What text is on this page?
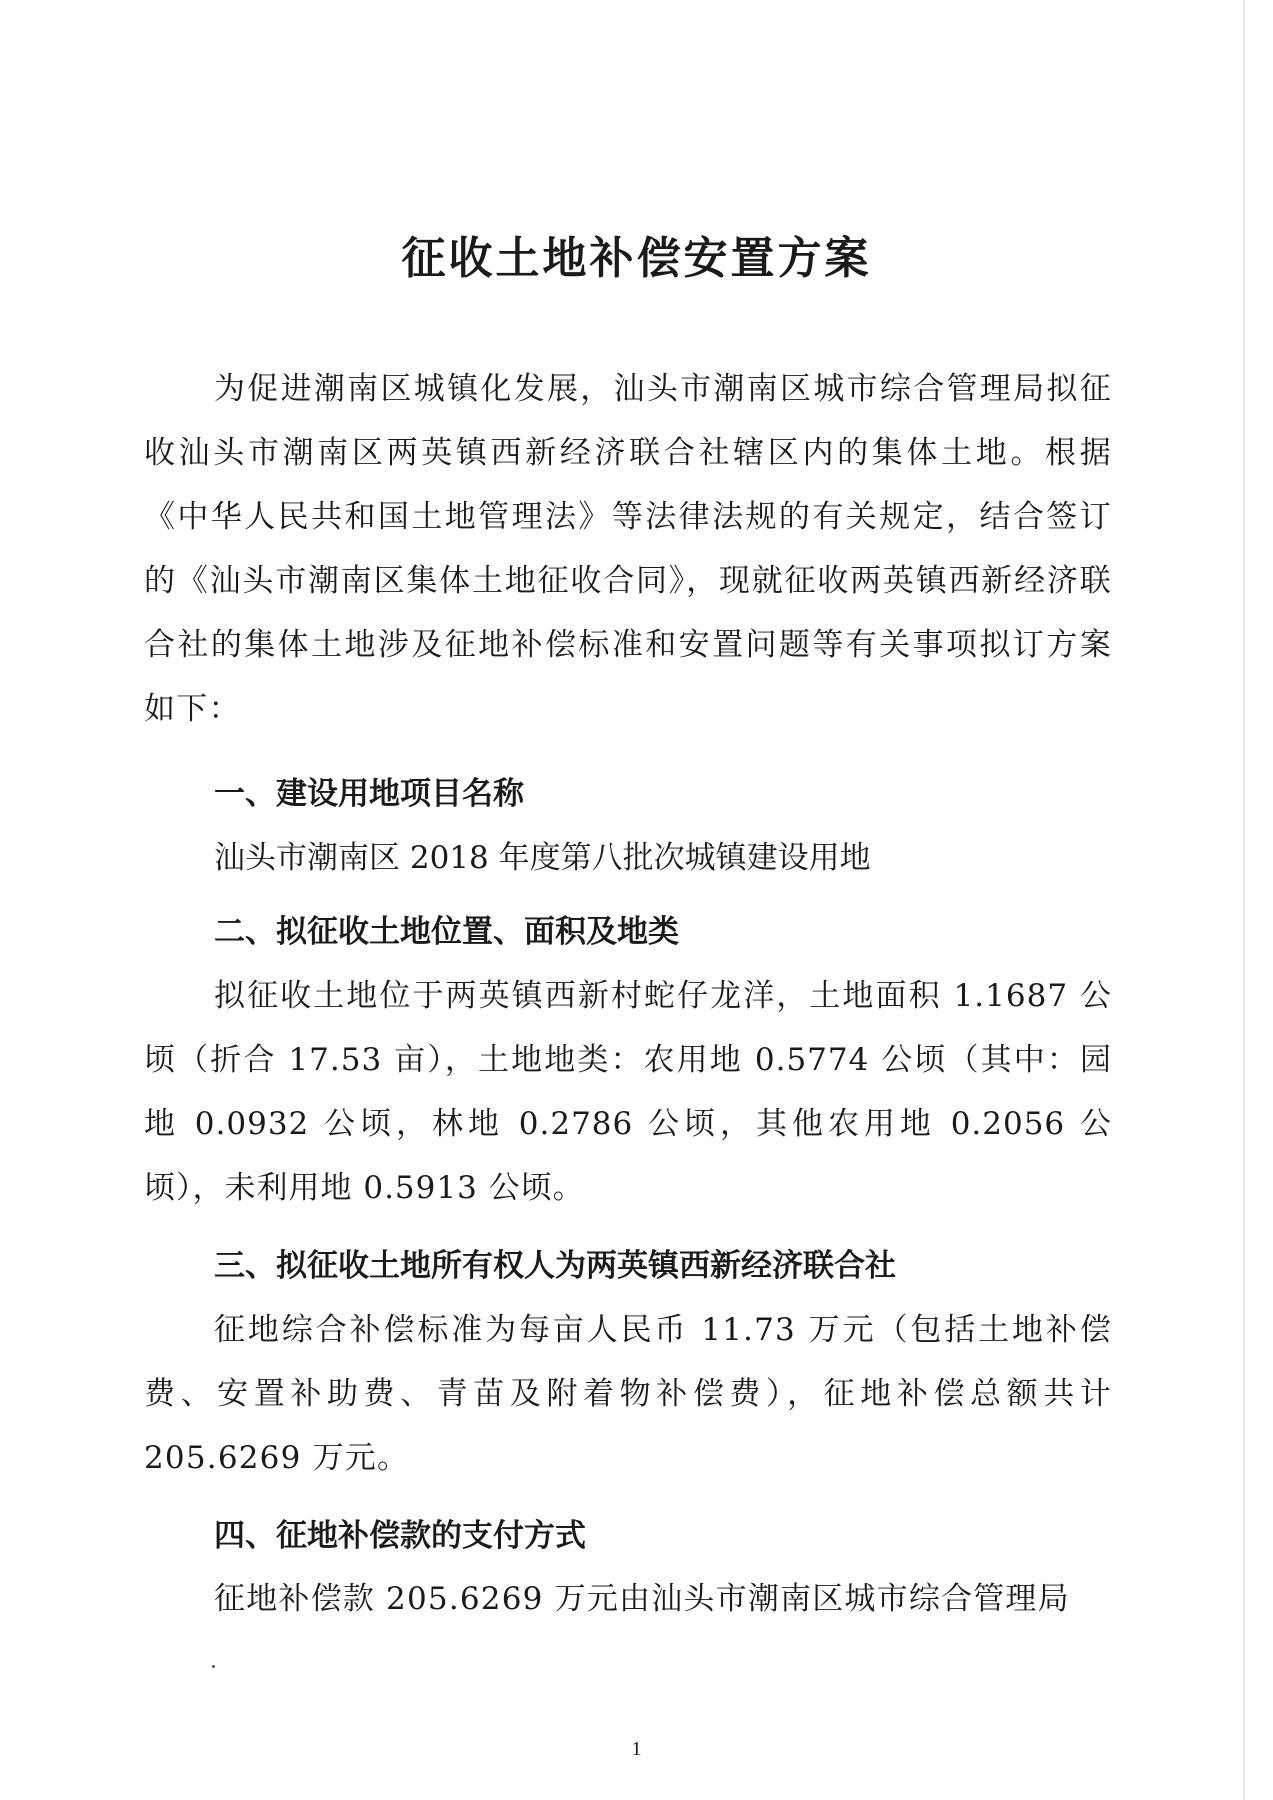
征收土地补偿安置方案

为促进潮南区城镇化发展，汕头市潮南区城市综合管理局拟征收汕头市潮南区两英镇西新经济联合社辖区内的集体土地。根据《中华人民共和国土地管理法》等法律法规的有关规定，结合签订的《汕头市潮南区集体土地征收合同》，现就征收两英镇西新经济联合社的集体土地涉及征地补偿标准和安置问题等有关事项拟订方案如下：

一、建设用地项目名称

汕头市潮南区 2018 年度第八批次城镇建设用地

二、拟征收土地位置、面积及地类

拟征收土地位于两英镇西新村蛇仔龙洋，土地面积 1.1687 公顷（折合 17.53 亩），土地地类：农用地 0.5774 公顷（其中：园地 0.0932 公顷，林地 0.2786 公顷，其他农用地 0.2056 公顷），未利用地 0.5913 公顷。

三、拟征收土地所有权人为两英镇西新经济联合社

征地综合补偿标准为每亩人民币 11.73 万元（包括土地补偿费、安置补助费、青苗及附着物补偿费），征地补偿总额共计 205.6269 万元。

四、征地补偿款的支付方式

征地补偿款 205.6269 万元由汕头市潮南区城市综合管理局

1
